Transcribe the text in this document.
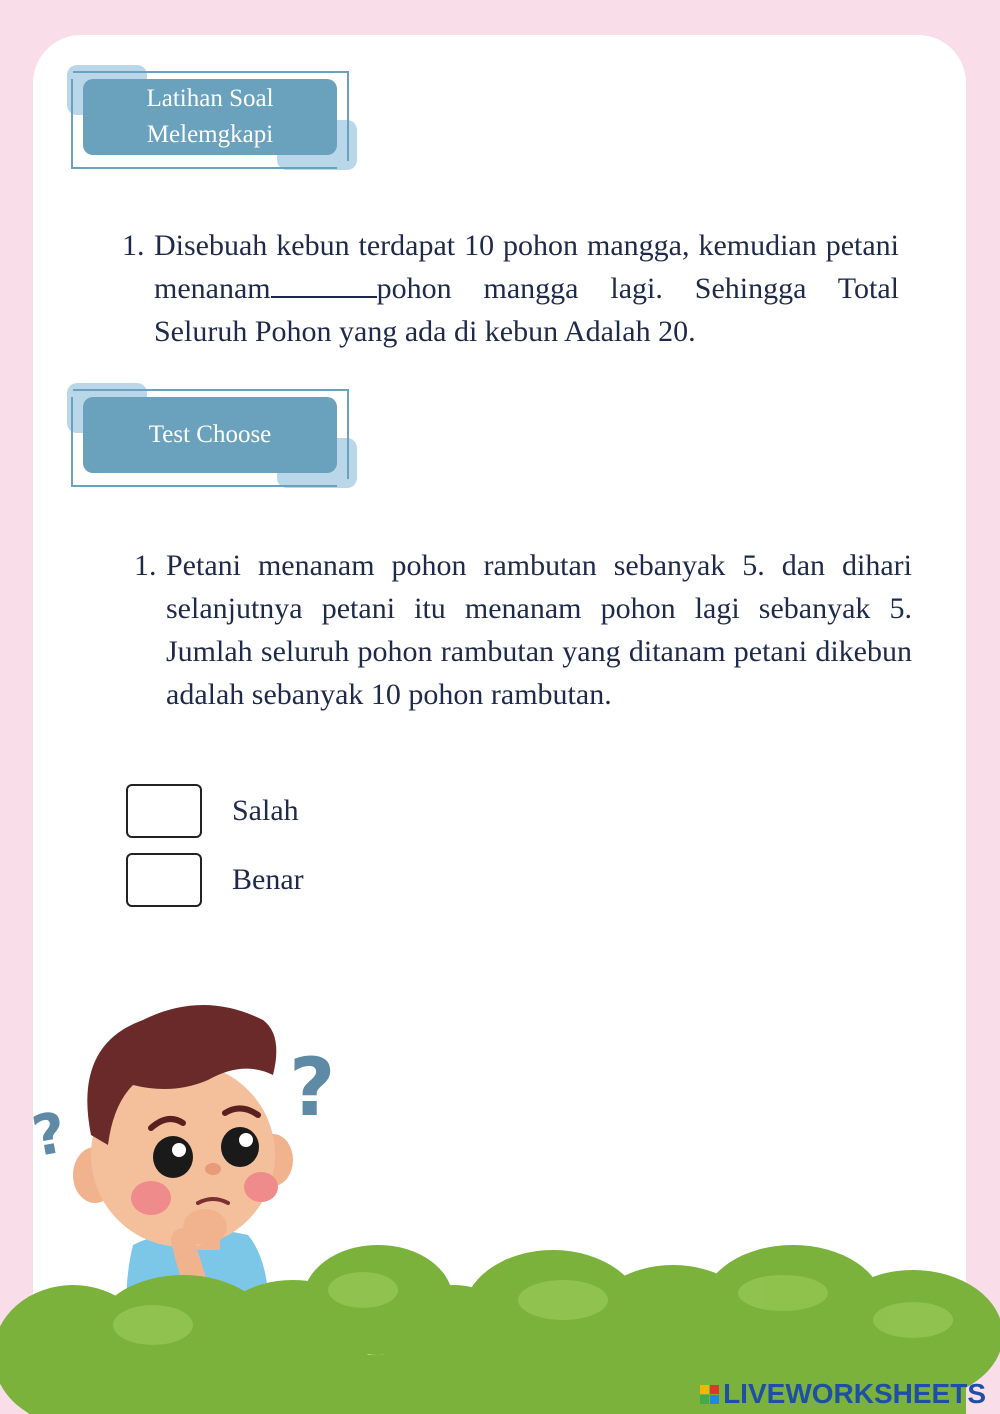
Latihan Soal
Melemgkapi
1. Disebuah kebun terdapat 10 pohon mangga, kemudian petani menanam	pohon mangga lagi. Sehingga Total Seluruh Pohon yang ada di kebun Adalah 20.
Test Choose
1. Petani menanam pohon rambutan sebanyak 5. dan dihari selanjutnya petani itu menanam pohon lagi sebanyak 5. Jumlah seluruh pohon rambutan yang ditanam petani dikebun adalah sebanyak 10 pohon rambutan.
Salah
Benar
?
?
LIVEWORKSHEETS
